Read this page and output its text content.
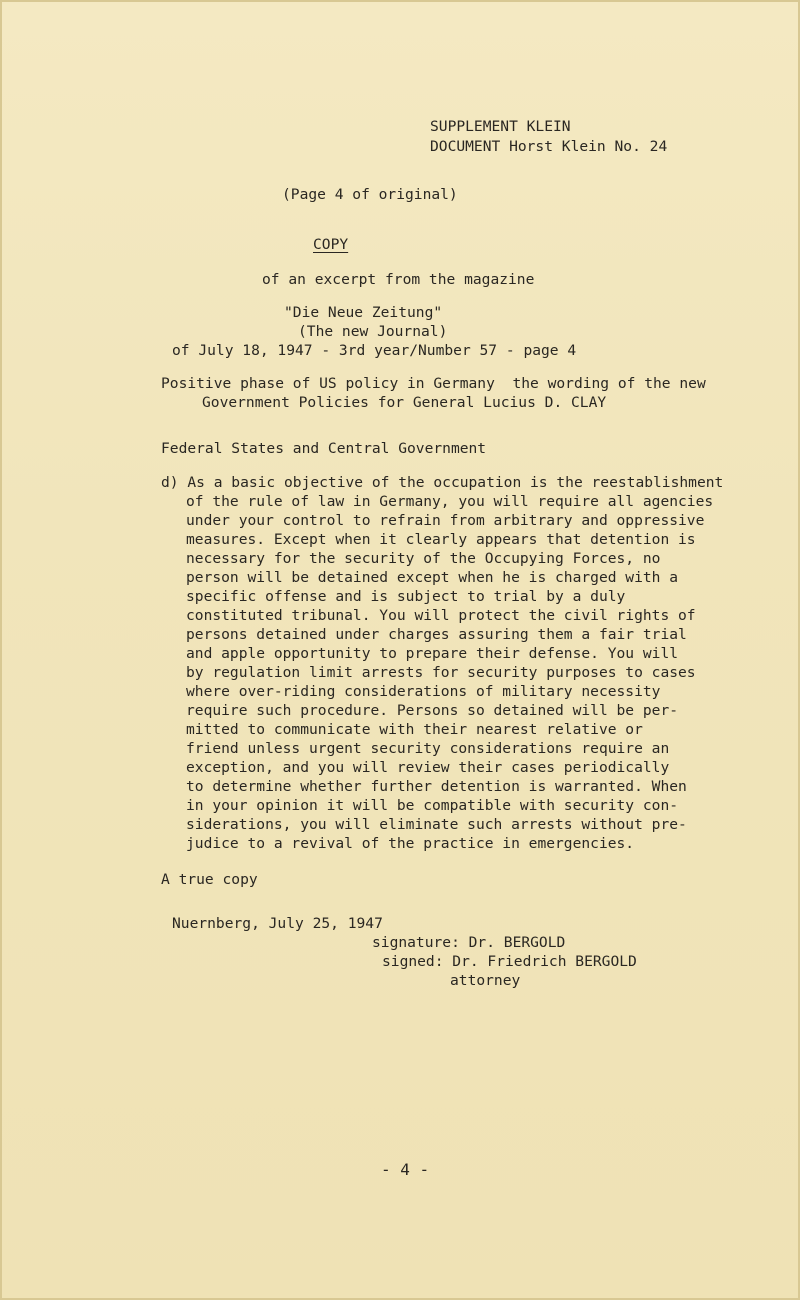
SUPPLEMENT KLEIN
DOCUMENT Horst Klein No. 24
(Page 4 of original)
COPY
of an excerpt from the magazine
"Die Neue Zeitung"
(The new Journal)
of July 18, 1947 - 3rd year/Number 57 - page 4
Positive phase of US policy in Germany  the wording of the new
Government Policies for General Lucius D. CLAY
Federal States and Central Government
d) As a basic objective of the occupation is the reestablishment
of the rule of law in Germany, you will require all agencies
under your control to refrain from arbitrary and oppressive
measures. Except when it clearly appears that detention is
necessary for the security of the Occupying Forces, no
person will be detained except when he is charged with a
specific offense and is subject to trial by a duly
constituted tribunal. You will protect the civil rights of
persons detained under charges assuring them a fair trial
and apple opportunity to prepare their defense. You will
by regulation limit arrests for security purposes to cases
where over-riding considerations of military necessity
require such procedure. Persons so detained will be per-
mitted to communicate with their nearest relative or
friend unless urgent security considerations require an
exception, and you will review their cases periodically
to determine whether further detention is warranted. When
in your opinion it will be compatible with security con-
siderations, you will eliminate such arrests without pre-
judice to a revival of the practice in emergencies.
A true copy
Nuernberg, July 25, 1947
signature: Dr. BERGOLD
signed: Dr. Friedrich BERGOLD
attorney
- 4 -
